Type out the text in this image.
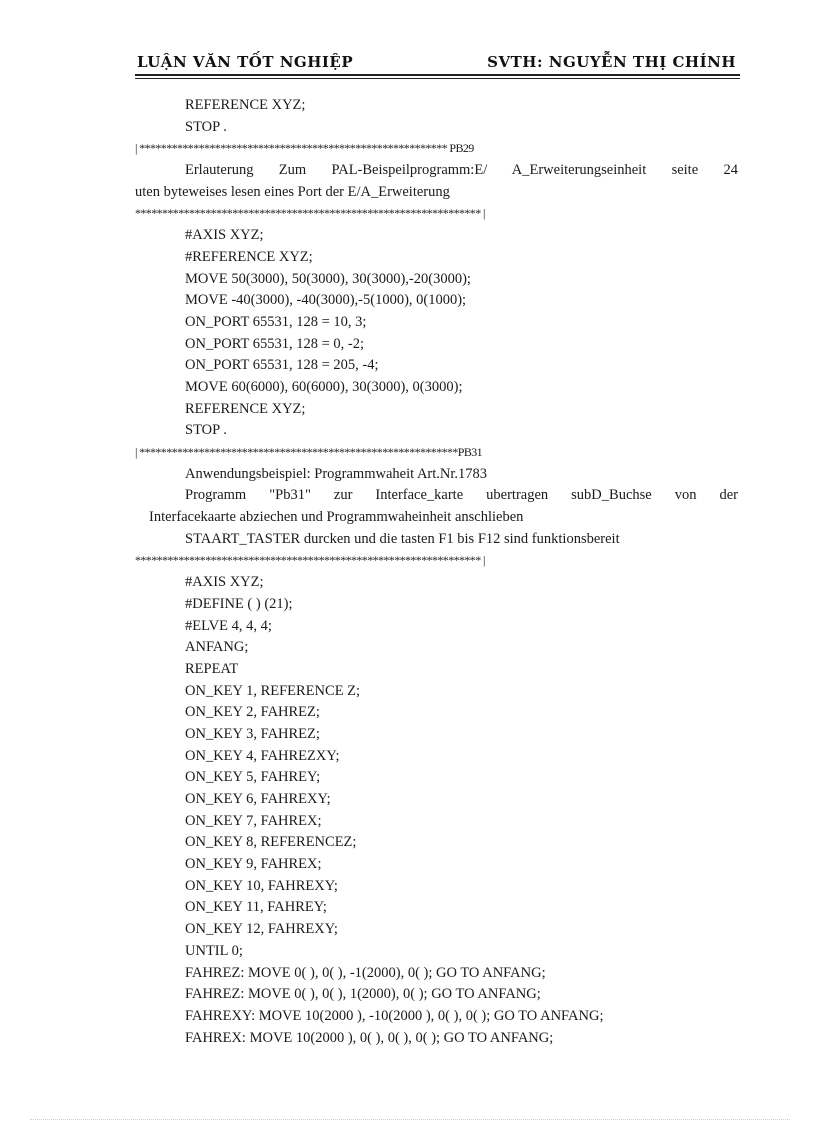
LUẬN VĂN TỐT NGHIỆP	SVTH: NGUYỄN THỊ CHÍNH
REFERENCE XYZ;
STOP .
| ********************************************************* PB29
Erlauterung Zum PAL-Beispeilprogramm:E/ A_Erweiterungseinheit seite 24
uten byteweises lesen eines Port der E/A_Erweiterung
**************************************************************** |
#AXIS XYZ;
#REFERENCE XYZ;
MOVE 50(3000), 50(3000), 30(3000),-20(3000);
MOVE -40(3000), -40(3000),-5(1000), 0(1000);
ON_PORT 65531, 128 = 10, 3;
ON_PORT 65531, 128 = 0, -2;
ON_PORT 65531, 128 = 205, -4;
MOVE 60(6000), 60(6000), 30(3000), 0(3000);
REFERENCE XYZ;
STOP .
| ***********************************************************PB31
Anwendungsbeispiel: Programmwaheit Art.Nr.1783
Programm "Pb31" zur Interface_karte ubertragen subD_Buchse von der
Interfacekaarte abziechen und Programmwaheinheit anschlieben
STAART_TASTER durcken und die tasten F1 bis F12 sind funktionsbereit
**************************************************************** |
#AXIS XYZ;
#DEFINE ( ) (21);
#ELVE 4, 4, 4;
ANFANG;
REPEAT
ON_KEY 1, REFERENCE Z;
ON_KEY 2, FAHREZ;
ON_KEY 3, FAHREZ;
ON_KEY 4, FAHREZXY;
ON_KEY 5, FAHREY;
ON_KEY 6, FAHREXY;
ON_KEY 7, FAHREX;
ON_KEY 8, REFERENCEZ;
ON_KEY 9, FAHREX;
ON_KEY 10, FAHREXY;
ON_KEY 11, FAHREY;
ON_KEY 12, FAHREXY;
UNTIL 0;
FAHREZ: MOVE 0( ), 0( ), -1(2000), 0( ); GO TO ANFANG;
FAHREZ: MOVE 0( ), 0( ), 1(2000), 0( ); GO TO ANFANG;
FAHREXY: MOVE 10(2000 ), -10(2000 ), 0( ), 0( ); GO TO ANFANG;
FAHREX: MOVE 10(2000 ), 0( ), 0( ), 0( ); GO TO ANFANG;
